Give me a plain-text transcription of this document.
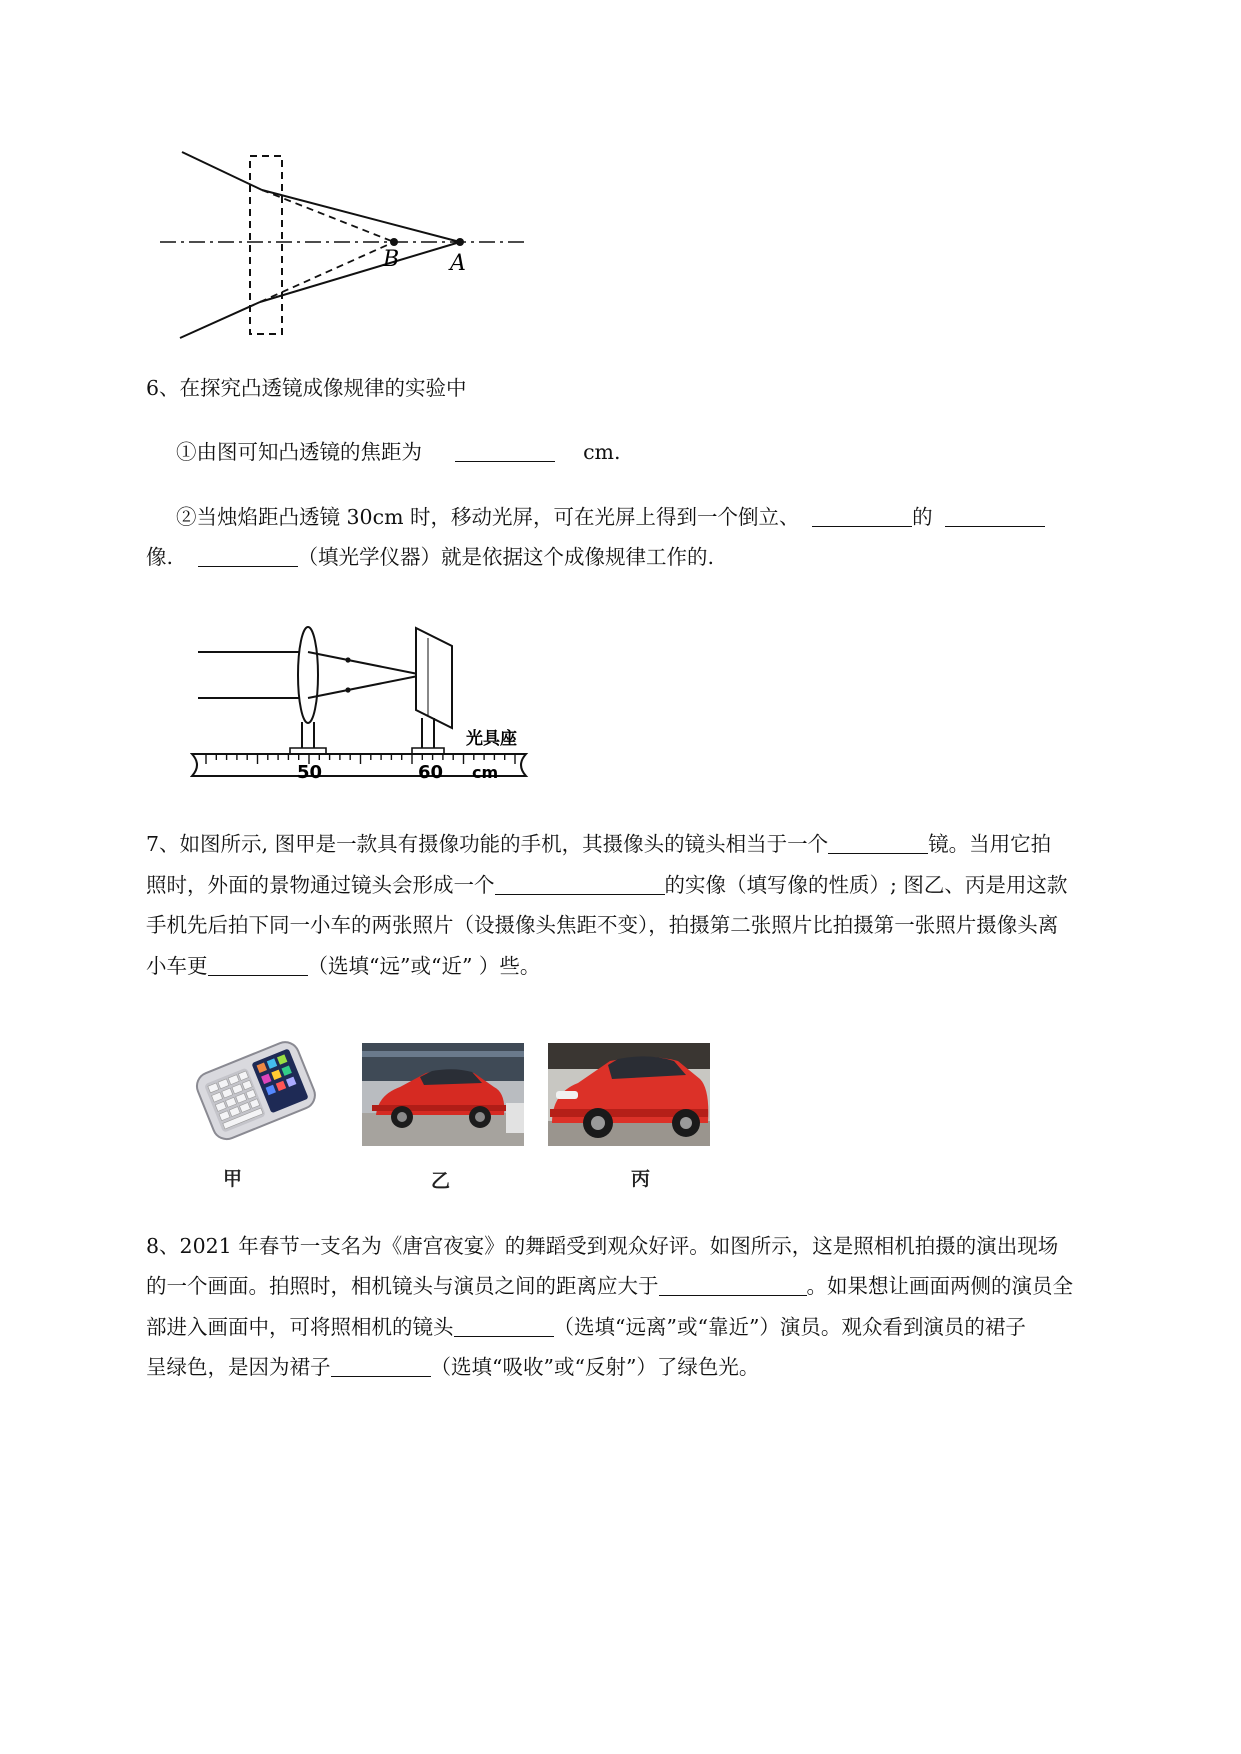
B A
6、在探究凸透镜成像规律的实验中
①由图可知凸透镜的焦距为	cm.
②当烛焰距凸透镜 30cm 时，移动光屏，可在光屏上得到一个倒立、	的
像.	（填光学仪器）就是依据这个成像规律工作的.
光具座
50	60 cm
7、如图所示, 图甲是一款具有摄像功能的手机，其摄像头的镜头相当于一个	镜。当用它拍
照时，外面的景物通过镜头会形成一个	的实像（填写像的性质）; 图乙、丙是用这款
手机先后拍下同一小车的两张照片（设摄像头焦距不变），拍摄第二张照片比拍摄第一张照片摄像头离
小车更	（选填“远”或“近” ）些。
甲	乙	丙
8、2021 年春节一支名为《唐宫夜宴》的舞蹈受到观众好评。如图所示，这是照相机拍摄的演出现场
的一个画面。拍照时，相机镜头与演员之间的距离应大于	。如果想让画面两侧的演员全
部进入画面中，可将照相机的镜头	（选填“远离”或“靠近”）演员。观众看到演员的裙子
呈绿色，是因为裙子	（选填“吸收”或“反射”）了绿色光。
